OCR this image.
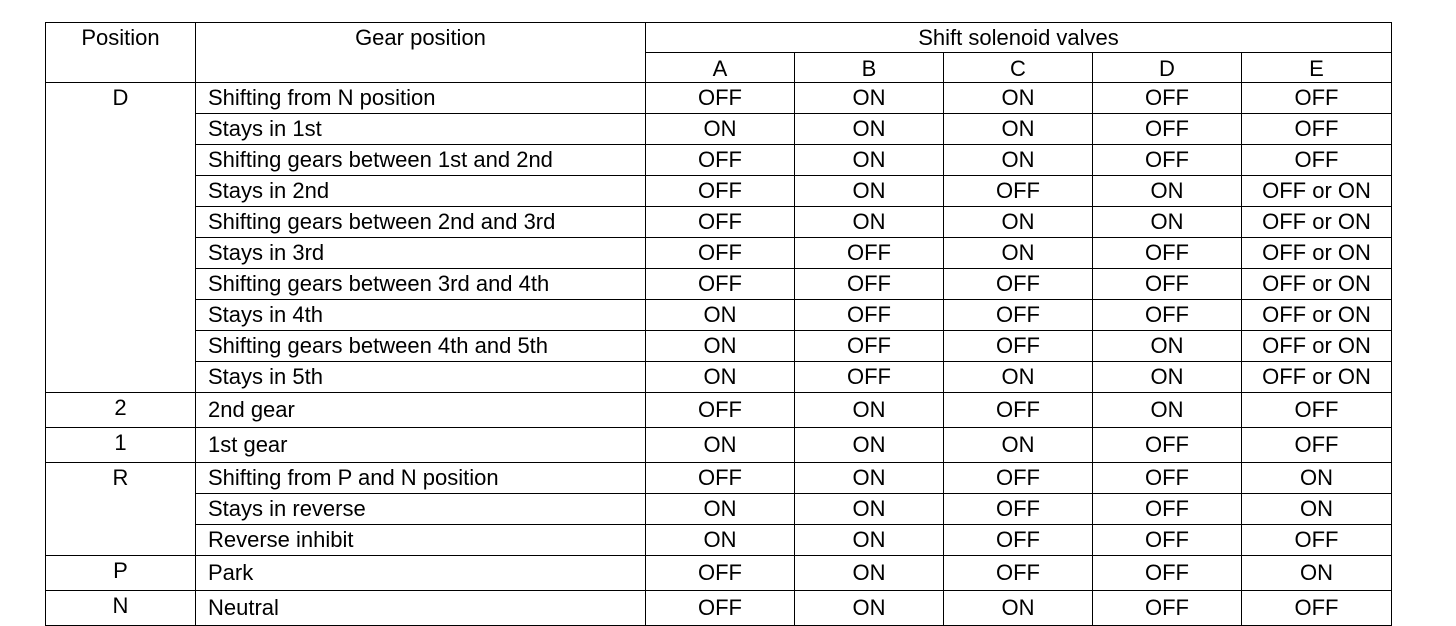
Position	Gear position	Shift solenoid valves				
		A	B	C	D	E
D	Shifting from N position	OFF	ON	ON	OFF	OFF
	Stays in 1st	ON	ON	ON	OFF	OFF
	Shifting gears between 1st and 2nd	OFF	ON	ON	OFF	OFF
	Stays in 2nd	OFF	ON	OFF	ON	OFF or ON
	Shifting gears between 2nd and 3rd	OFF	ON	ON	ON	OFF or ON
	Stays in 3rd	OFF	OFF	ON	OFF	OFF or ON
	Shifting gears between 3rd and 4th	OFF	OFF	OFF	OFF	OFF or ON
	Stays in 4th	ON	OFF	OFF	OFF	OFF or ON
	Shifting gears between 4th and 5th	ON	OFF	OFF	ON	OFF or ON
	Stays in 5th	ON	OFF	ON	ON	OFF or ON
2	2nd gear	OFF	ON	OFF	ON	OFF
1	1st gear	ON	ON	ON	OFF	OFF
R	Shifting from P and N position	OFF	ON	OFF	OFF	ON
	Stays in reverse	ON	ON	OFF	OFF	ON
	Reverse inhibit	ON	ON	OFF	OFF	OFF
P	Park	OFF	ON	OFF	OFF	ON
N	Neutral	OFF	ON	ON	OFF	OFF
